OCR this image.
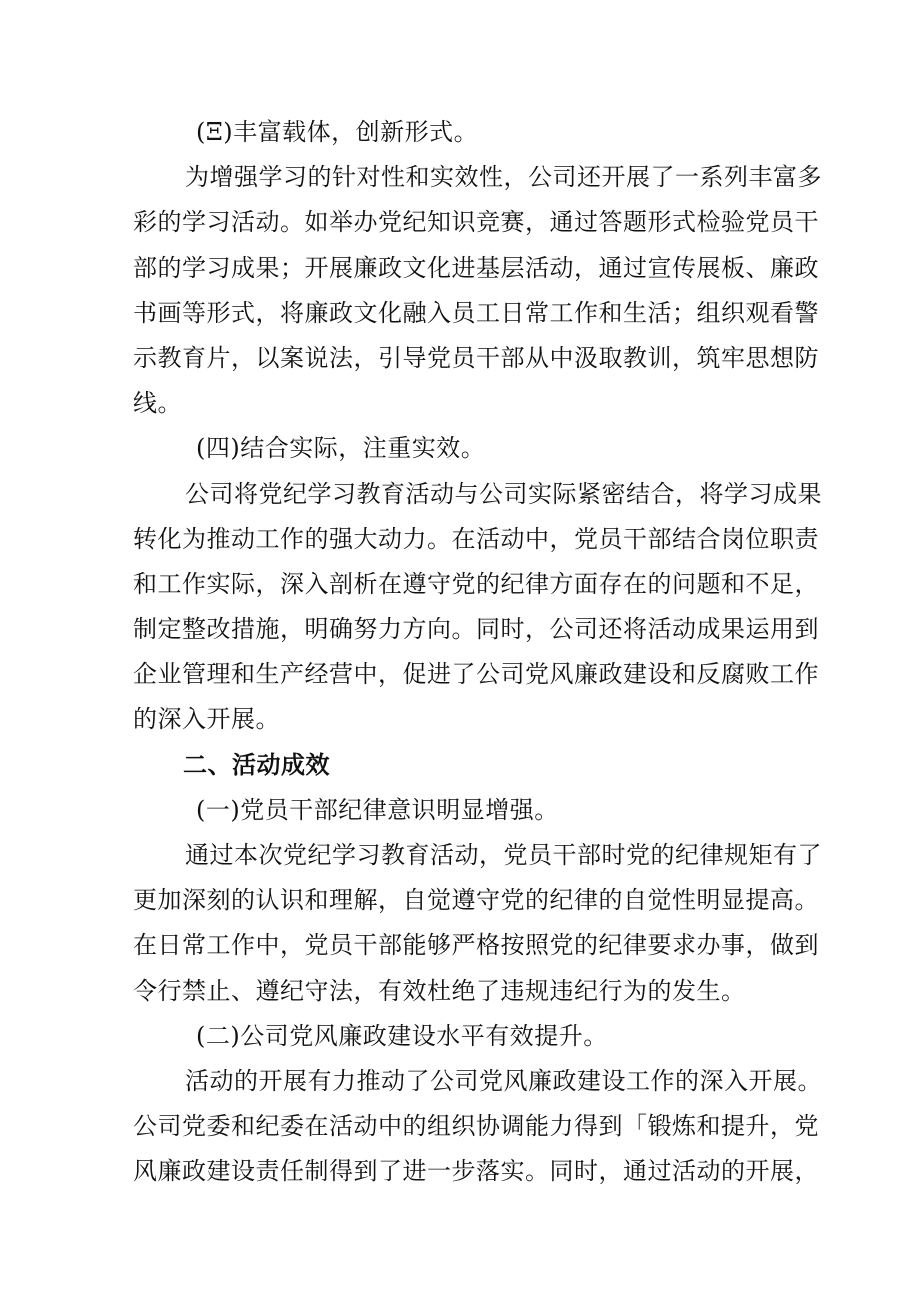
(Ξ)丰富载体，创新形式。
为增强学习的针对性和实效性，公司还开展了一系列丰富多
彩的学习活动。如举办党纪知识竞赛，通过答题形式检验党员干
部的学习成果；开展廉政文化进基层活动，通过宣传展板、廉政
书画等形式，将廉政文化融入员工日常工作和生活；组织观看警
示教育片，以案说法，引导党员干部从中汲取教训，筑牢思想防
线。
(四)结合实际，注重实效。
公司将党纪学习教育活动与公司实际紧密结合，将学习成果
转化为推动工作的强大动力。在活动中，党员干部结合岗位职责
和工作实际，深入剖析在遵守党的纪律方面存在的问题和不足，
制定整改措施，明确努力方向。同时，公司还将活动成果运用到
企业管理和生产经营中，促进了公司党风廉政建设和反腐败工作
的深入开展。
二、活动成效
(一)党员干部纪律意识明显增强。
通过本次党纪学习教育活动，党员干部时党的纪律规矩有了
更加深刻的认识和理解，自觉遵守党的纪律的自觉性明显提高。
在日常工作中，党员干部能够严格按照党的纪律要求办事，做到
令行禁止、遵纪守法，有效杜绝了违规违纪行为的发生。
(二)公司党风廉政建设水平有效提升。
活动的开展有力推动了公司党风廉政建设工作的深入开展。
公司党委和纪委在活动中的组织协调能力得到「锻炼和提升，党
风廉政建设责任制得到了进一步落实。同时，通过活动的开展，
